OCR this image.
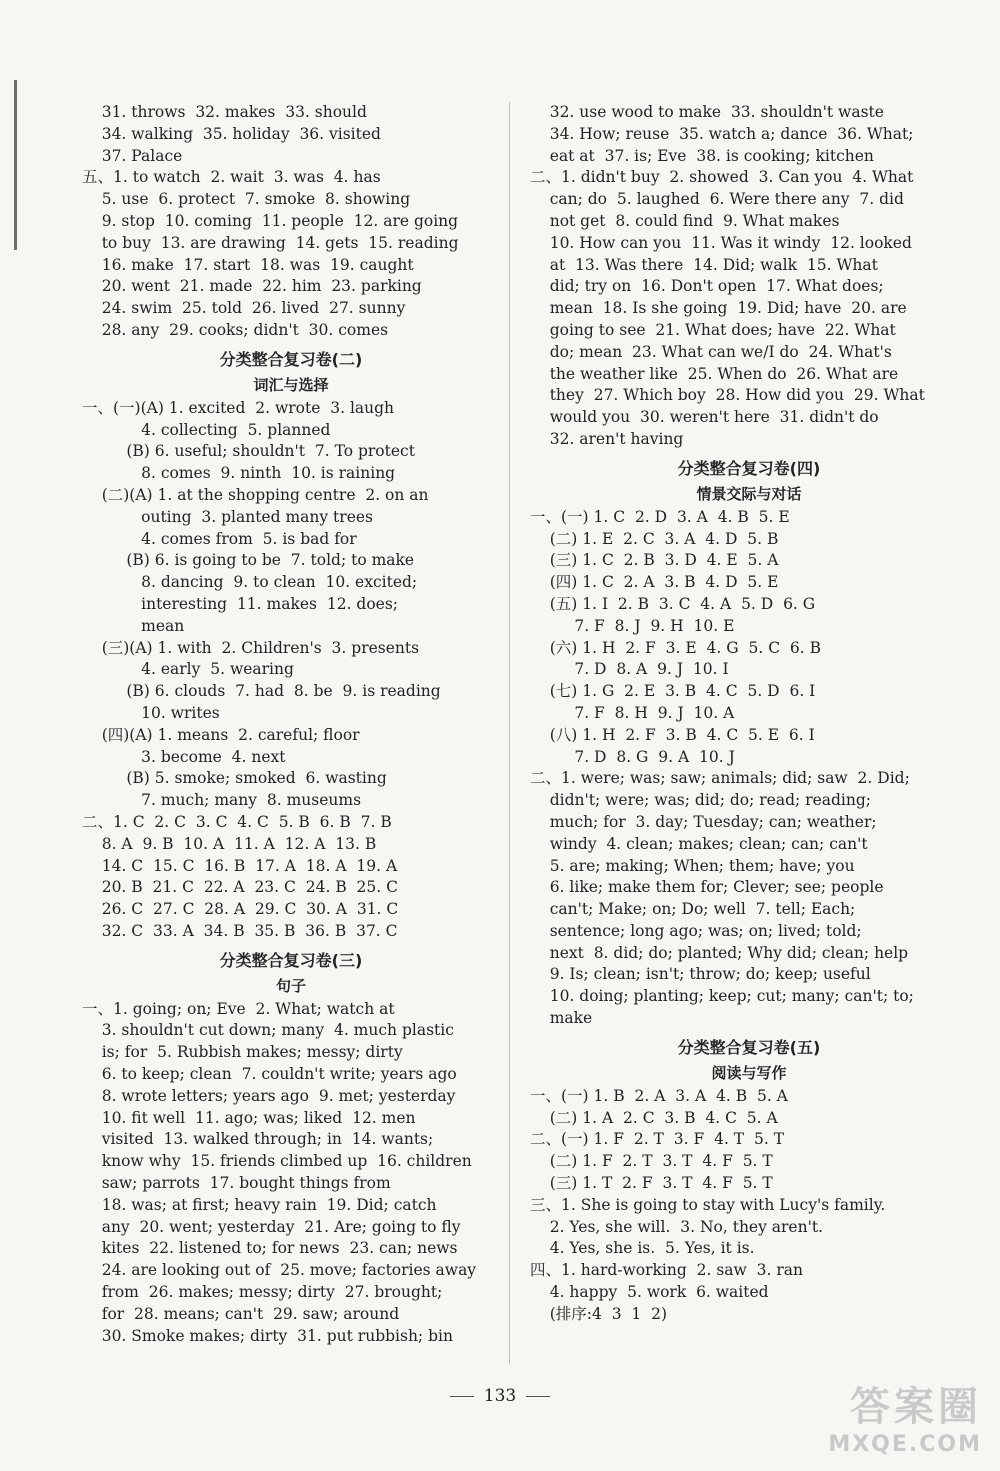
31. throws  32. makes  33. should
34. walking  35. holiday  36. visited
37. Palace
五、1. to watch  2. wait  3. was  4. has
5. use  6. protect  7. smoke  8. showing
9. stop  10. coming  11. people  12. are going
to buy  13. are drawing  14. gets  15. reading
16. make  17. start  18. was  19. caught
20. went  21. made  22. him  23. parking
24. swim  25. told  26. lived  27. sunny
28. any  29. cooks; didn't  30. comes
分类整合复习卷(二)
词汇与选择
一、(一)(A) 1. excited  2. wrote  3. laugh
4. collecting  5. planned
(B) 6. useful; shouldn't  7. To protect
8. comes  9. ninth  10. is raining
(二)(A) 1. at the shopping centre  2. on an
outing  3. planted many trees
4. comes from  5. is bad for
(B) 6. is going to be  7. told; to make
8. dancing  9. to clean  10. excited;
interesting  11. makes  12. does;
mean
(三)(A) 1. with  2. Children's  3. presents
4. early  5. wearing
(B) 6. clouds  7. had  8. be  9. is reading
10. writes
(四)(A) 1. means  2. careful; floor
3. become  4. next
(B) 5. smoke; smoked  6. wasting
7. much; many  8. museums
二、1. C  2. C  3. C  4. C  5. B  6. B  7. B
8. A  9. B  10. A  11. A  12. A  13. B
14. C  15. C  16. B  17. A  18. A  19. A
20. B  21. C  22. A  23. C  24. B  25. C
26. C  27. C  28. A  29. C  30. A  31. C
32. C  33. A  34. B  35. B  36. B  37. C
分类整合复习卷(三)
句子
一、1. going; on; Eve  2. What; watch at
3. shouldn't cut down; many  4. much plastic
is; for  5. Rubbish makes; messy; dirty
6. to keep; clean  7. couldn't write; years ago
8. wrote letters; years ago  9. met; yesterday
10. fit well  11. ago; was; liked  12. men
visited  13. walked through; in  14. wants;
know why  15. friends climbed up  16. children
saw; parrots  17. bought things from
18. was; at first; heavy rain  19. Did; catch
any  20. went; yesterday  21. Are; going to fly
kites  22. listened to; for news  23. can; news
24. are looking out of  25. move; factories away
from  26. makes; messy; dirty  27. brought;
for  28. means; can't  29. saw; around
30. Smoke makes; dirty  31. put rubbish; bin
32. use wood to make  33. shouldn't waste
34. How; reuse  35. watch a; dance  36. What;
eat at  37. is; Eve  38. is cooking; kitchen
二、1. didn't buy  2. showed  3. Can you  4. What
can; do  5. laughed  6. Were there any  7. did
not get  8. could find  9. What makes
10. How can you  11. Was it windy  12. looked
at  13. Was there  14. Did; walk  15. What
did; try on  16. Don't open  17. What does;
mean  18. Is she going  19. Did; have  20. are
going to see  21. What does; have  22. What
do; mean  23. What can we/I do  24. What's
the weather like  25. When do  26. What are
they  27. Which boy  28. How did you  29. What
would you  30. weren't here  31. didn't do
32. aren't having
分类整合复习卷(四)
情景交际与对话
一、(一) 1. C  2. D  3. A  4. B  5. E
(二) 1. E  2. C  3. A  4. D  5. B
(三) 1. C  2. B  3. D  4. E  5. A
(四) 1. C  2. A  3. B  4. D  5. E
(五) 1. I  2. B  3. C  4. A  5. D  6. G
7. F  8. J  9. H  10. E
(六) 1. H  2. F  3. E  4. G  5. C  6. B
7. D  8. A  9. J  10. I
(七) 1. G  2. E  3. B  4. C  5. D  6. I
7. F  8. H  9. J  10. A
(八) 1. H  2. F  3. B  4. C  5. E  6. I
7. D  8. G  9. A  10. J
二、1. were; was; saw; animals; did; saw  2. Did;
didn't; were; was; did; do; read; reading;
much; for  3. day; Tuesday; can; weather;
windy  4. clean; makes; clean; can; can't
5. are; making; When; them; have; you
6. like; make them for; Clever; see; people
can't; Make; on; Do; well  7. tell; Each;
sentence; long ago; was; on; lived; told;
next  8. did; do; planted; Why did; clean; help
9. Is; clean; isn't; throw; do; keep; useful
10. doing; planting; keep; cut; many; can't; to;
make
分类整合复习卷(五)
阅读与写作
一、(一) 1. B  2. A  3. A  4. B  5. A
(二) 1. A  2. C  3. B  4. C  5. A
二、(一) 1. F  2. T  3. F  4. T  5. T
(二) 1. F  2. T  3. T  4. F  5. T
(三) 1. T  2. F  3. T  4. F  5. T
三、1. She is going to stay with Lucy's family.
2. Yes, she will.  3. No, they aren't.
4. Yes, she is.  5. Yes, it is.
四、1. hard-working  2. saw  3. ran
4. happy  5. work  6. waited
(排序:4  3  1  2)
133	答案圈
MXQE.COM
